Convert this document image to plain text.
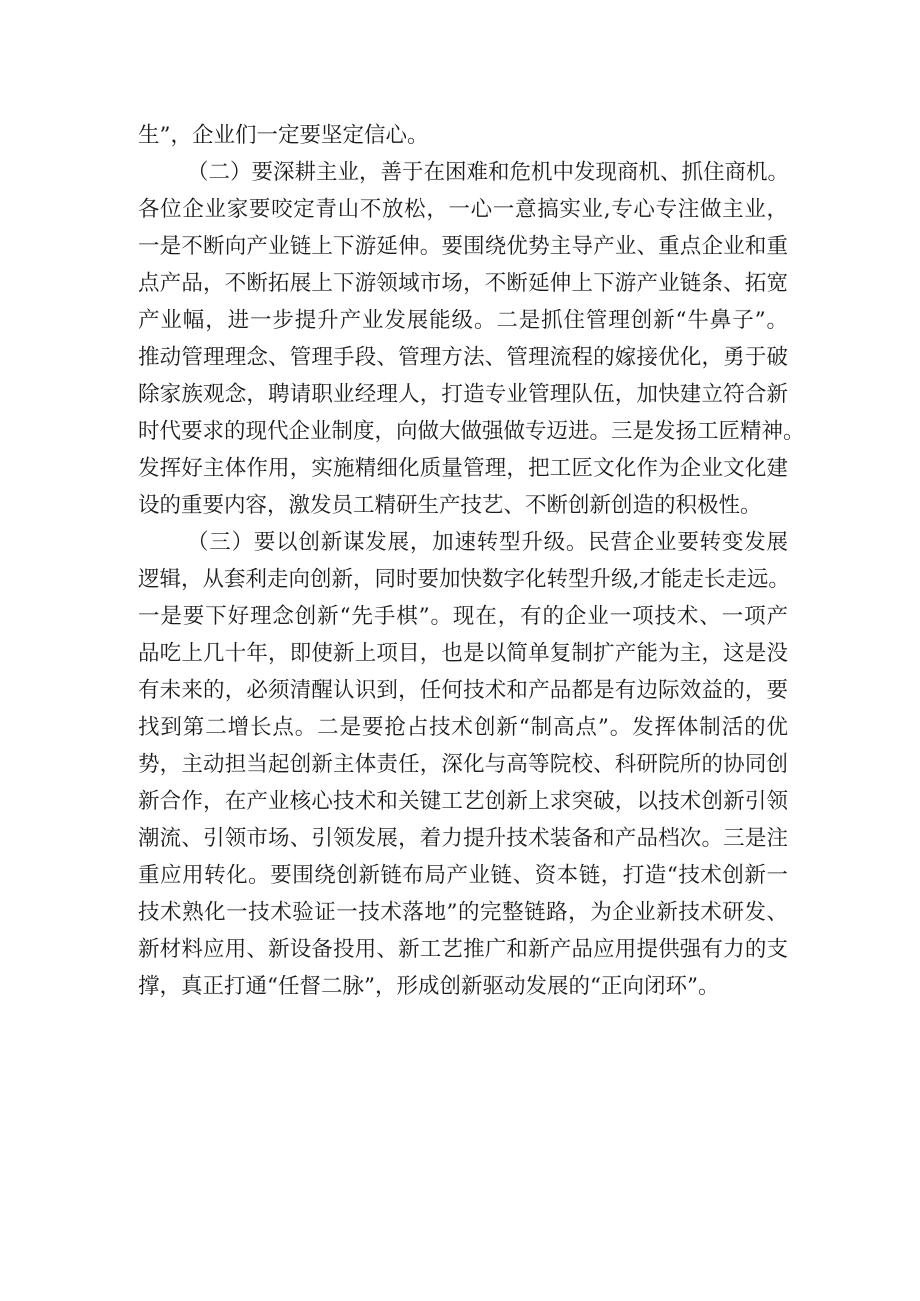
生”，企业们一定要坚定信心。
（二）要深耕主业，善于在困难和危机中发现商机、抓住商机。
各位企业家要咬定青山不放松，一心一意搞实业,专心专注做主业，
一是不断向产业链上下游延伸。要围绕优势主导产业、重点企业和重
点产品，不断拓展上下游领域市场，不断延伸上下游产业链条、拓宽
产业幅，进一步提升产业发展能级。二是抓住管理创新“牛鼻子”。
推动管理理念、管理手段、管理方法、管理流程的嫁接优化，勇于破
除家族观念，聘请职业经理人，打造专业管理队伍，加快建立符合新
时代要求的现代企业制度，向做大做强做专迈进。三是发扬工匠精神。
发挥好主体作用，实施精细化质量管理，把工匠文化作为企业文化建
设的重要内容，激发员工精研生产技艺、不断创新创造的积极性。
（三）要以创新谋发展，加速转型升级。民营企业要转变发展
逻辑，从套利走向创新，同时要加快数字化转型升级,才能走长走远。
一是要下好理念创新“先手棋”。现在，有的企业一项技术、一项产
品吃上几十年，即使新上项目，也是以简单复制扩产能为主，这是没
有未来的，必须清醒认识到，任何技术和产品都是有边际效益的，要
找到第二增长点。二是要抢占技术创新“制高点”。发挥体制活的优
势，主动担当起创新主体责任，深化与高等院校、科研院所的协同创
新合作，在产业核心技术和关键工艺创新上求突破，以技术创新引领
潮流、引领市场、引领发展，着力提升技术装备和产品档次。三是注
重应用转化。要围绕创新链布局产业链、资本链，打造“技术创新一
技术熟化一技术验证一技术落地”的完整链路，为企业新技术研发、
新材料应用、新设备投用、新工艺推广和新产品应用提供强有力的支
撑，真正打通“任督二脉”，形成创新驱动发展的“正向闭环”。
